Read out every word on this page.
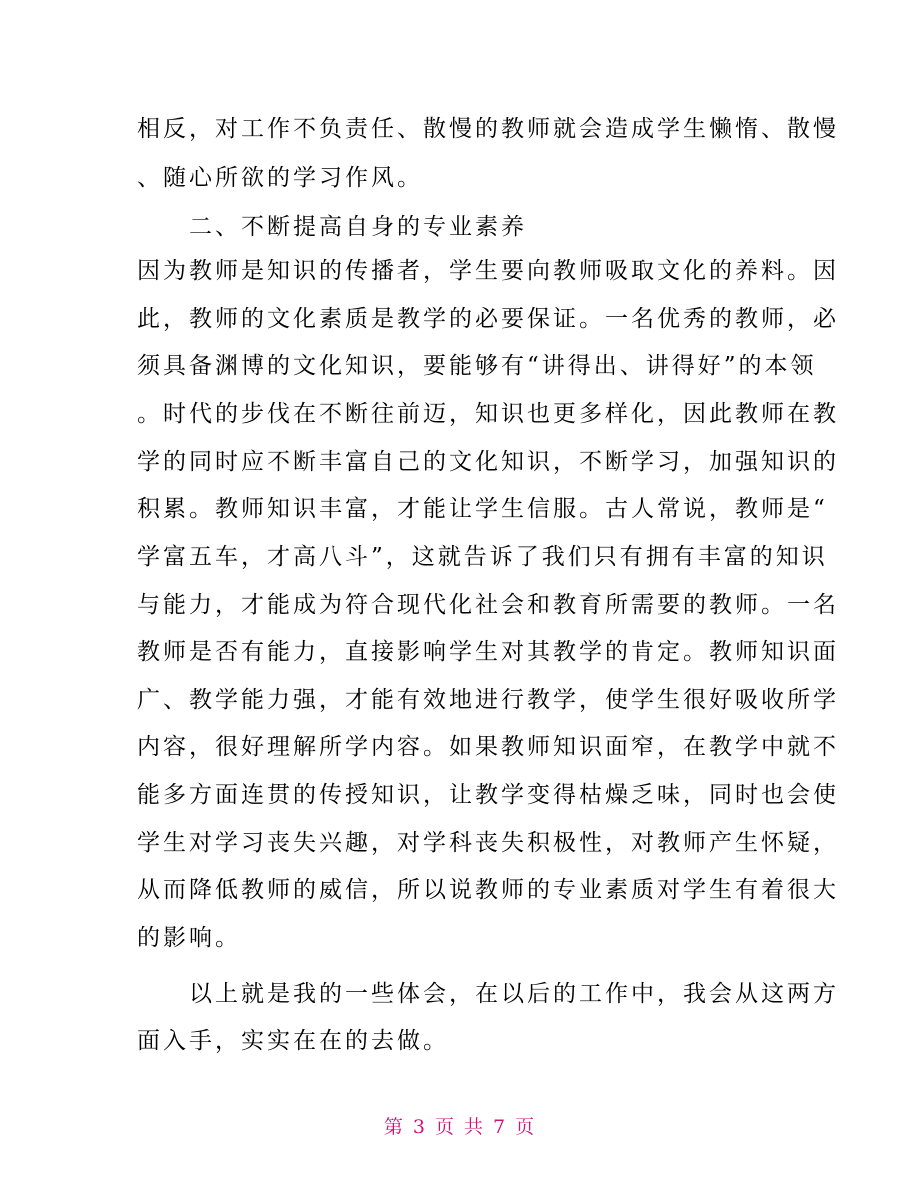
相反，对工作不负责任、散慢的教师就会造成学生懒惰、散慢
、随心所欲的学习作风。
　　二、不断提高自身的专业素养
因为教师是知识的传播者，学生要向教师吸取文化的养料。因
此，教师的文化素质是教学的必要保证。一名优秀的教师，必
须具备渊博的文化知识，要能够有“讲得出、讲得好”的本领
。时代的步伐在不断往前迈，知识也更多样化，因此教师在教
学的同时应不断丰富自己的文化知识，不断学习，加强知识的
积累。教师知识丰富，才能让学生信服。古人常说，教师是“
学富五车，才高八斗”，这就告诉了我们只有拥有丰富的知识
与能力，才能成为符合现代化社会和教育所需要的教师。一名
教师是否有能力，直接影响学生对其教学的肯定。教师知识面
广、教学能力强，才能有效地进行教学，使学生很好吸收所学
内容，很好理解所学内容。如果教师知识面窄，在教学中就不
能多方面连贯的传授知识，让教学变得枯燥乏味，同时也会使
学生对学习丧失兴趣，对学科丧失积极性，对教师产生怀疑，
从而降低教师的威信，所以说教师的专业素质对学生有着很大
的影响。
　　以上就是我的一些体会，在以后的工作中，我会从这两方
面入手，实实在在的去做。
第 3 页 共 7 页
